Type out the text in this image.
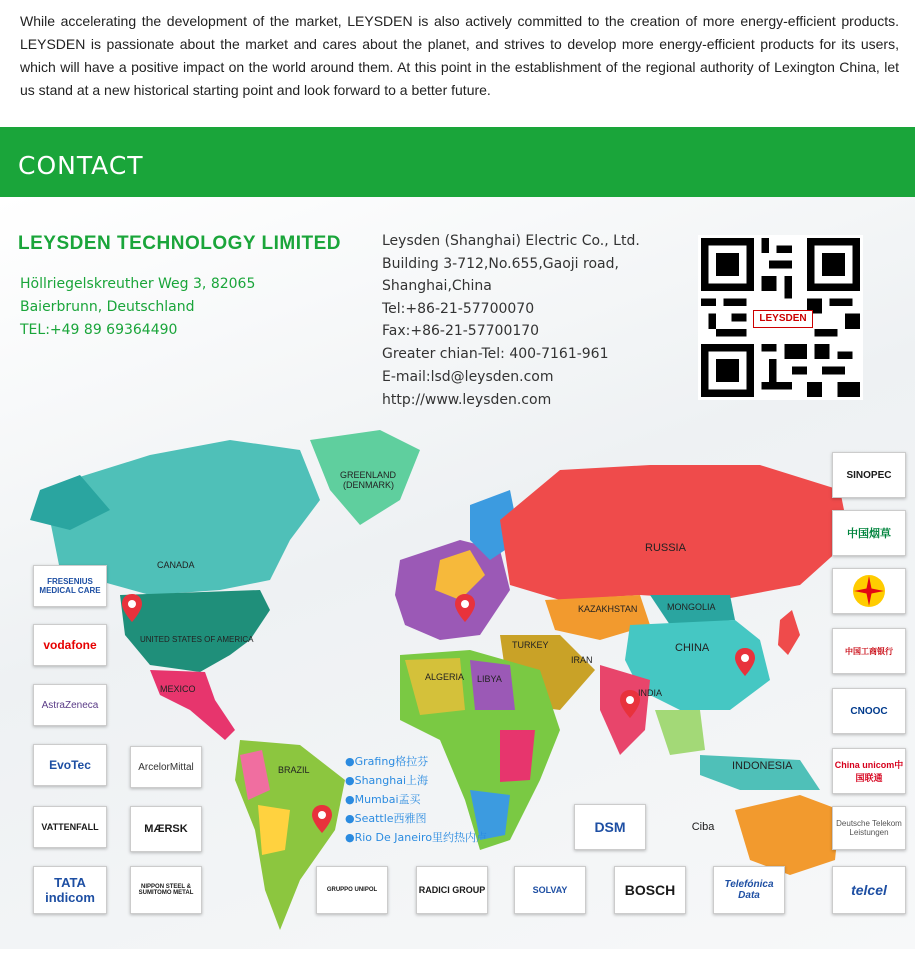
While accelerating the development of the market, LEYSDEN is also actively committed to the creation of more energy-efficient products. LEYSDEN is passionate about the market and cares about the planet, and strives to develop more energy-efficient products for its users, which will have a positive impact on the world around them. At this point in the establishment of the regional authority of Lexington China, let us stand at a new historical starting point and look forward to a better future.
CONTACT
LEYSDEN TECHNOLOGY LIMITED
Höllriegelskreuther Weg 3, 82065
Baierbrunn, Deutschland
TEL:+49 89 69364490
Leysden (Shanghai) Electric Co., Ltd.
Building 3-712,No.655,Gaoji road,
Shanghai,China
Tel:+86-21-57700070
Fax:+86-21-57700170
Greater chian-Tel: 400-7161-961
E-mail:lsd@leysden.com
http://www.leysden.com
LEYSDEN
GREENLAND
(DENMARK)
CANADA
UNITED STATES OF AMERICA
MEXICO
BRAZIL
RUSSIA
KAZAKHSTAN	MONGOLIA
CHINA
INDIA
INDONESIA
ALGERIA LIBYA
TURKEY
IRAN
●Grafing格拉芬
●Shanghai上海
●Mumbai孟买
●Seattle西雅图
●Rio De Janeiro里约热内卢
FRESENIUS MEDICAL CARE
vodafone
AstraZeneca
EvoTec	ArcelorMittal
VATTENFALL	MÆRSK
TATA indicom
NIPPON STEEL & SUMITOMO METAL	GRUPPO UNIPOL	RADICI GROUP	SOLVAY	BOSCH	Telefónica Data	telcel
DSM	Ciba	Deutsche Telekom Leistungen
SINOPEC
中国烟草
中国工商银行
CNOOC
China unicom中国联通
